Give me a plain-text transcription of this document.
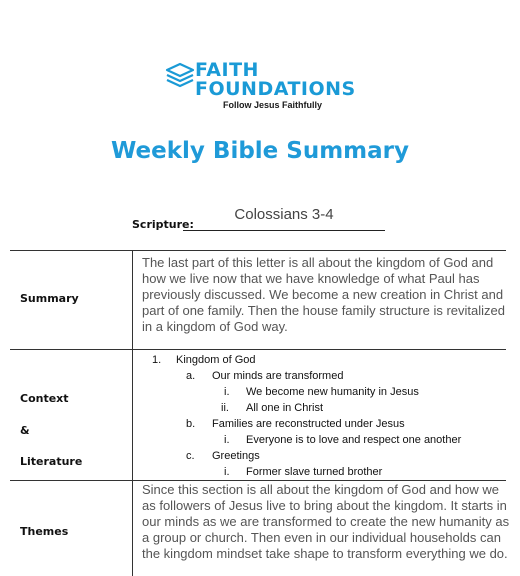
FAITH
FOUNDATIONS
Follow Jesus Faithfully
Weekly Bible Summary
Scripture:
Colossians 3-4
Summary
The last part of this letter is all about the kingdom of God and how we live now that we have knowledge of what Paul has previously discussed. We become a new creation in Christ and part of one family. Then the house family structure is revitalized in a kingdom of God way.
Context
&
Literature
1. Kingdom of God
a. Our minds are transformed
i. We become new humanity in Jesus
ii. All one in Christ
b. Families are reconstructed under Jesus
i. Everyone is to love and respect one another
c. Greetings
i. Former slave turned brother
Themes
Since this section is all about the kingdom of God and how we as followers of Jesus live to bring about the kingdom. It starts in our minds as we are transformed to create the new humanity as a group or church. Then even in our individual households can the kingdom mindset take shape to transform everything we do.
